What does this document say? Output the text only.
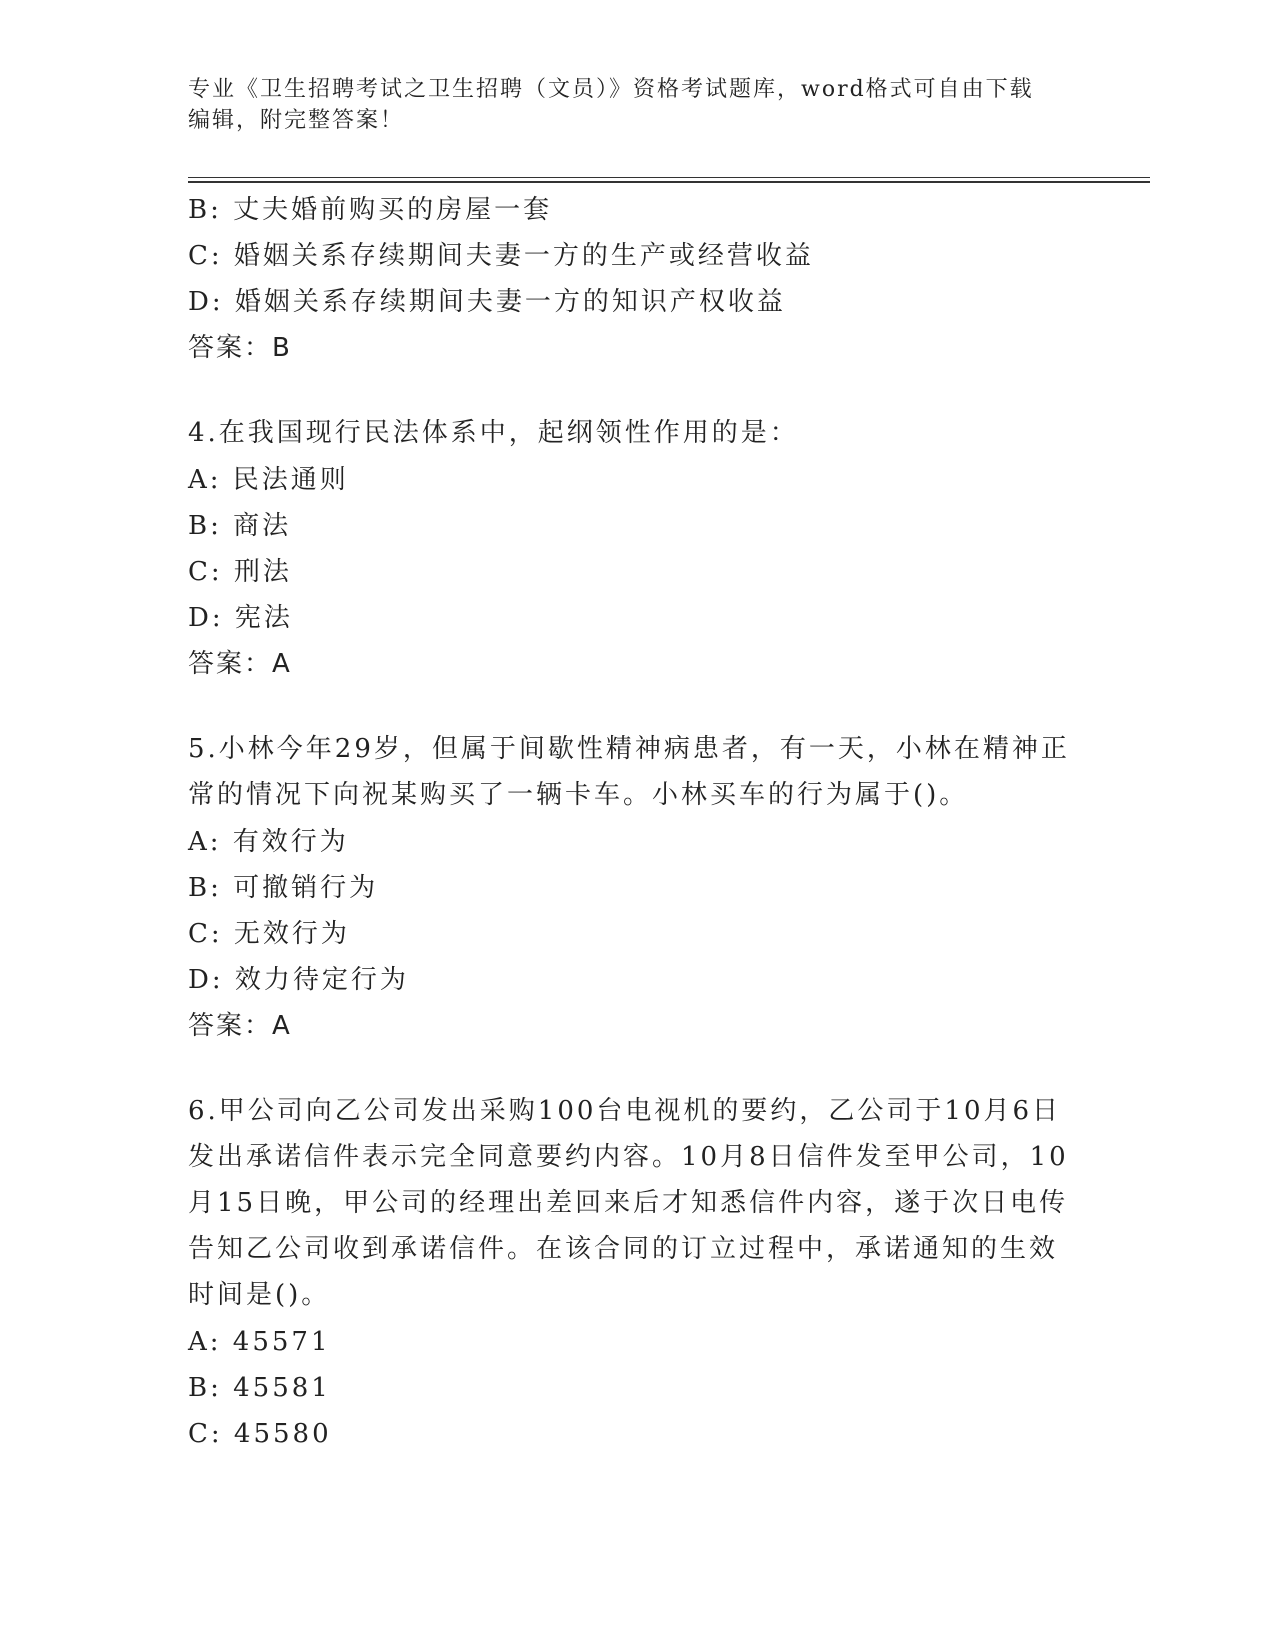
专业《卫生招聘考试之卫生招聘（文员）》资格考试题库，word格式可自由下载
编辑，附完整答案！
B: 丈夫婚前购买的房屋一套
C: 婚姻关系存续期间夫妻一方的生产或经营收益
D: 婚姻关系存续期间夫妻一方的知识产权收益
答案：B
4.在我国现行民法体系中，起纲领性作用的是：
A: 民法通则
B: 商法
C: 刑法
D: 宪法
答案：A
5.小林今年29岁，但属于间歇性精神病患者，有一天，小林在精神正
常的情况下向祝某购买了一辆卡车。小林买车的行为属于()。
A: 有效行为
B: 可撤销行为
C: 无效行为
D: 效力待定行为
答案：A
6.甲公司向乙公司发出采购100台电视机的要约，乙公司于10月6日
发出承诺信件表示完全同意要约内容。10月8日信件发至甲公司，10
月15日晚，甲公司的经理出差回来后才知悉信件内容，遂于次日电传
告知乙公司收到承诺信件。在该合同的订立过程中，承诺通知的生效
时间是()。
A: 45571
B: 45581
C: 45580
